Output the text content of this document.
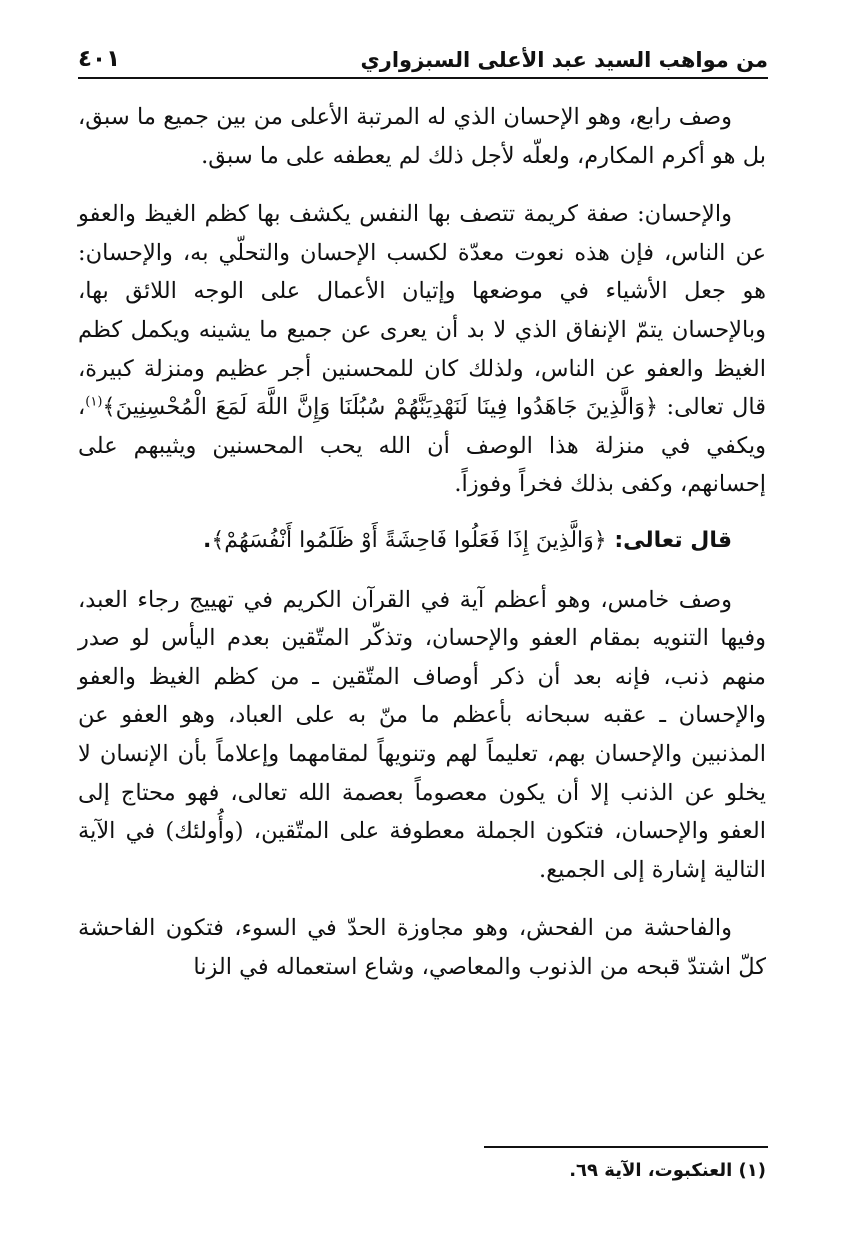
من مواهب السيد عبد الأعلى السبزواري
٤٠١

وصف رابع، وهو الإحسان الذي له المرتبة الأعلى من بين جميع ما سبق، بل هو أكرم المكارم، ولعلّه لأجل ذلك لم يعطفه على ما سبق.

والإحسان: صفة كريمة تتصف بها النفس يكشف بها كظم الغيظ والعفو عن الناس، فإن هذه نعوت معدّة لكسب الإحسان والتحلّي به، والإحسان: هو جعل الأشياء في موضعها وإتيان الأعمال على الوجه اللائق بها، وبالإحسان يتمّ الإنفاق الذي لا بد أن يعرى عن جميع ما يشينه ويكمل كظم الغيظ والعفو عن الناس، ولذلك كان للمحسنين أجر عظيم ومنزلة كبيرة، قال تعالى: ﴿وَالَّذِينَ جَاهَدُوا فِينَا لَنَهْدِيَنَّهُمْ سُبُلَنَا وَإِنَّ اللَّهَ لَمَعَ الْمُحْسِنِينَ﴾$^{(١)}$، ويكفي في منزلة هذا الوصف أن الله يحب المحسنين ويثيبهم على إحسانهم، وكفى بذلك فخراً وفوزاً.

قال تعالى: ﴿وَالَّذِينَ إِذَا فَعَلُوا فَاحِشَةً أَوْ ظَلَمُوا أَنْفُسَهُمْ﴾.

وصف خامس، وهو أعظم آية في القرآن الكريم في تهييج رجاء العبد، وفيها التنويه بمقام العفو والإحسان، وتذكّر المتّقين بعدم اليأس لو صدر منهم ذنب، فإنه بعد أن ذكر أوصاف المتّقين ـ من كظم الغيظ والعفو والإحسان ـ عقبه سبحانه بأعظم ما منّ به على العباد، وهو العفو عن المذنبين والإحسان بهم، تعليماً لهم وتنويهاً لمقامهما وإعلاماً بأن الإنسان لا يخلو عن الذنب إلا أن يكون معصوماً بعصمة الله تعالى، فهو محتاج إلى العفو والإحسان، فتكون الجملة معطوفة على المتّقين، (وأُولئك) في الآية التالية إشارة إلى الجميع.

والفاحشة من الفحش، وهو مجاوزة الحدّ في السوء، فتكون الفاحشة كلّ اشتدّ قبحه من الذنوب والمعاصي، وشاع استعماله في الزنا

(١) العنكبوت، الآية ٦٩.
